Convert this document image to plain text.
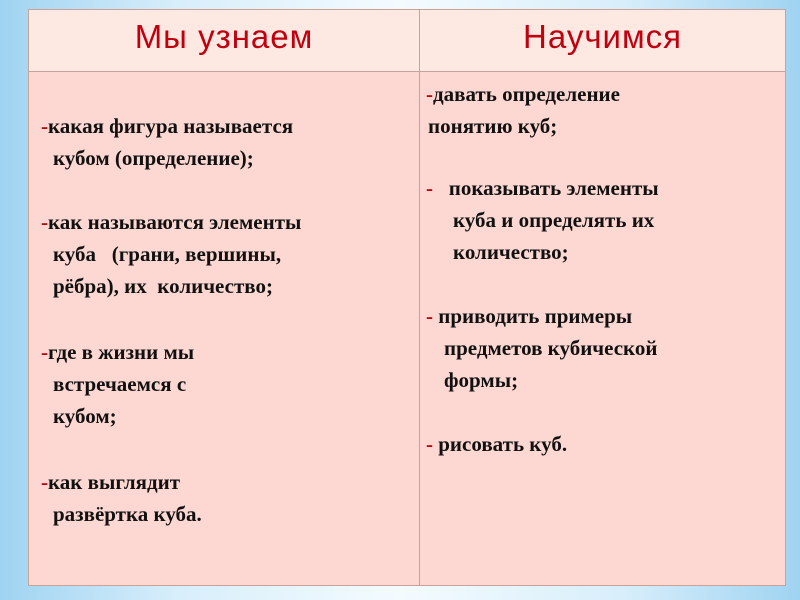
Мы узнаем	Научимся
-какая фигура называется
кубом (определение);
-как называются элементы
куба   (грани, вершины,
рёбра), их  количество;
-где в жизни мы
встречаемся с
кубом;
-как выглядит
развёртка куба.
-давать определение
понятию куб;
- показывать элементы
куба и определять их
количество;
- приводить примеры
предметов кубической
формы;
- рисовать куб.
